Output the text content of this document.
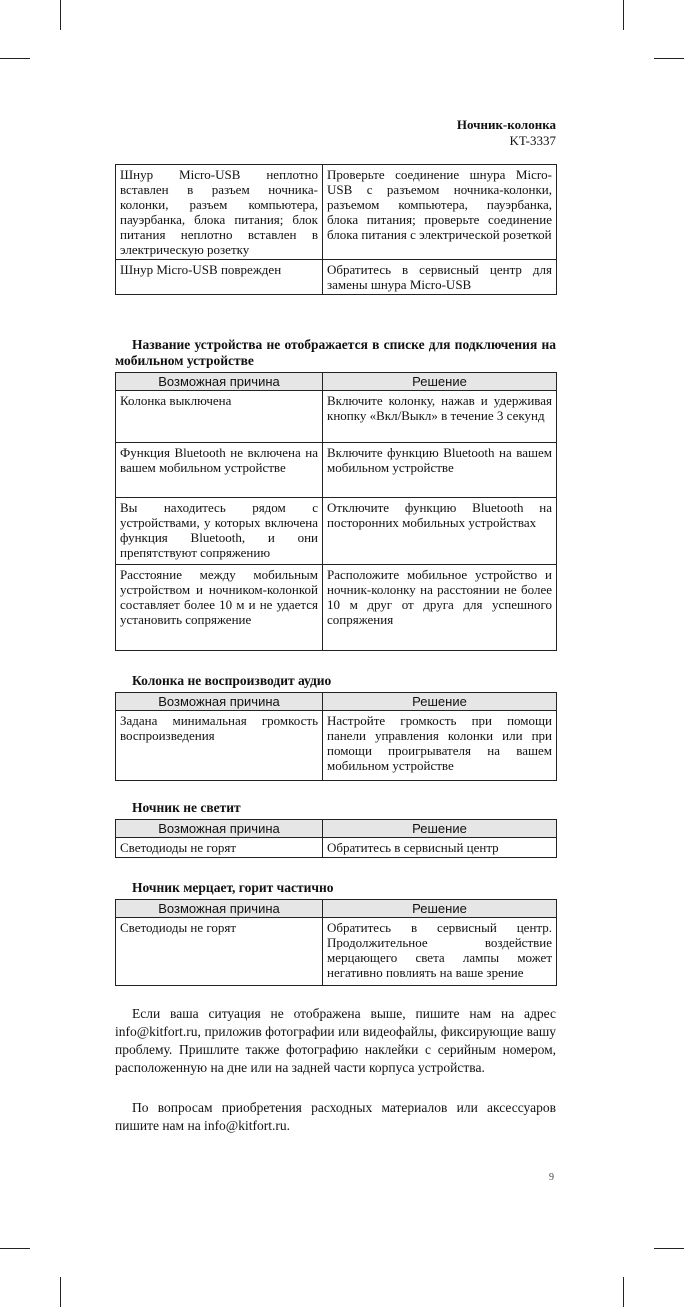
Ночник-колонка
KT-3337
Шнур Micro-USB неплотно вставлен в разъем ночника-колонки, разъем компьютера, пауэрбанка, блока питания; блок питания неплотно вставлен в электрическую розетку	Проверьте соединение шнура Micro-USB с разъемом ночника-колонки, разъемом компьютера, пауэрбанка, блока питания; проверьте соединение блока питания с электрической розеткой
Шнур Micro-USB поврежден	Обратитесь в сервисный центр для замены шнура Micro-USB
Название устройства не отображается в списке для подключения на мобильном устройстве
Возможная причина	Решение
Колонка выключена	Включите колонку, нажав и удерживая кнопку «Вкл/Выкл» в течение 3 секунд
Функция Bluetooth не включена на вашем мобильном устройстве	Включите функцию Bluetooth на вашем мобильном устройстве
Вы находитесь рядом с устройствами, у которых включена функция Bluetooth, и они препятствуют сопряжению	Отключите функцию Bluetooth на посторонних мобильных устройствах
Расстояние между мобильным устройством и ночником-колонкой составляет более 10 м и не удается установить сопряжение	Расположите мобильное устройство и ночник-колонку на расстоянии не более 10 м друг от друга для успешного сопряжения
Колонка не воспроизводит аудио
Возможная причина	Решение
Задана минимальная громкость воспроизведения	Настройте громкость при помощи панели управления колонки или при помощи проигрывателя на вашем мобильном устройстве
Ночник не светит
Возможная причина	Решение
Светодиоды не горят	Обратитесь в сервисный центр
Ночник мерцает, горит частично
Возможная причина	Решение
Светодиоды не горят	Обратитесь в сервисный центр. Продолжительное воздействие мерцающего света лампы может негативно повлиять на ваше зрение

Если ваша ситуация не отображена выше, пишите нам на адрес info@kitfort.ru, приложив фотографии или видеофайлы, фиксирующие вашу проблему. Пришлите также фотографию наклейки с серийным номером, расположенную на дне или на задней части корпуса устройства.

По вопросам приобретения расходных материалов или аксессуаров пишите нам на info@kitfort.ru.

9
